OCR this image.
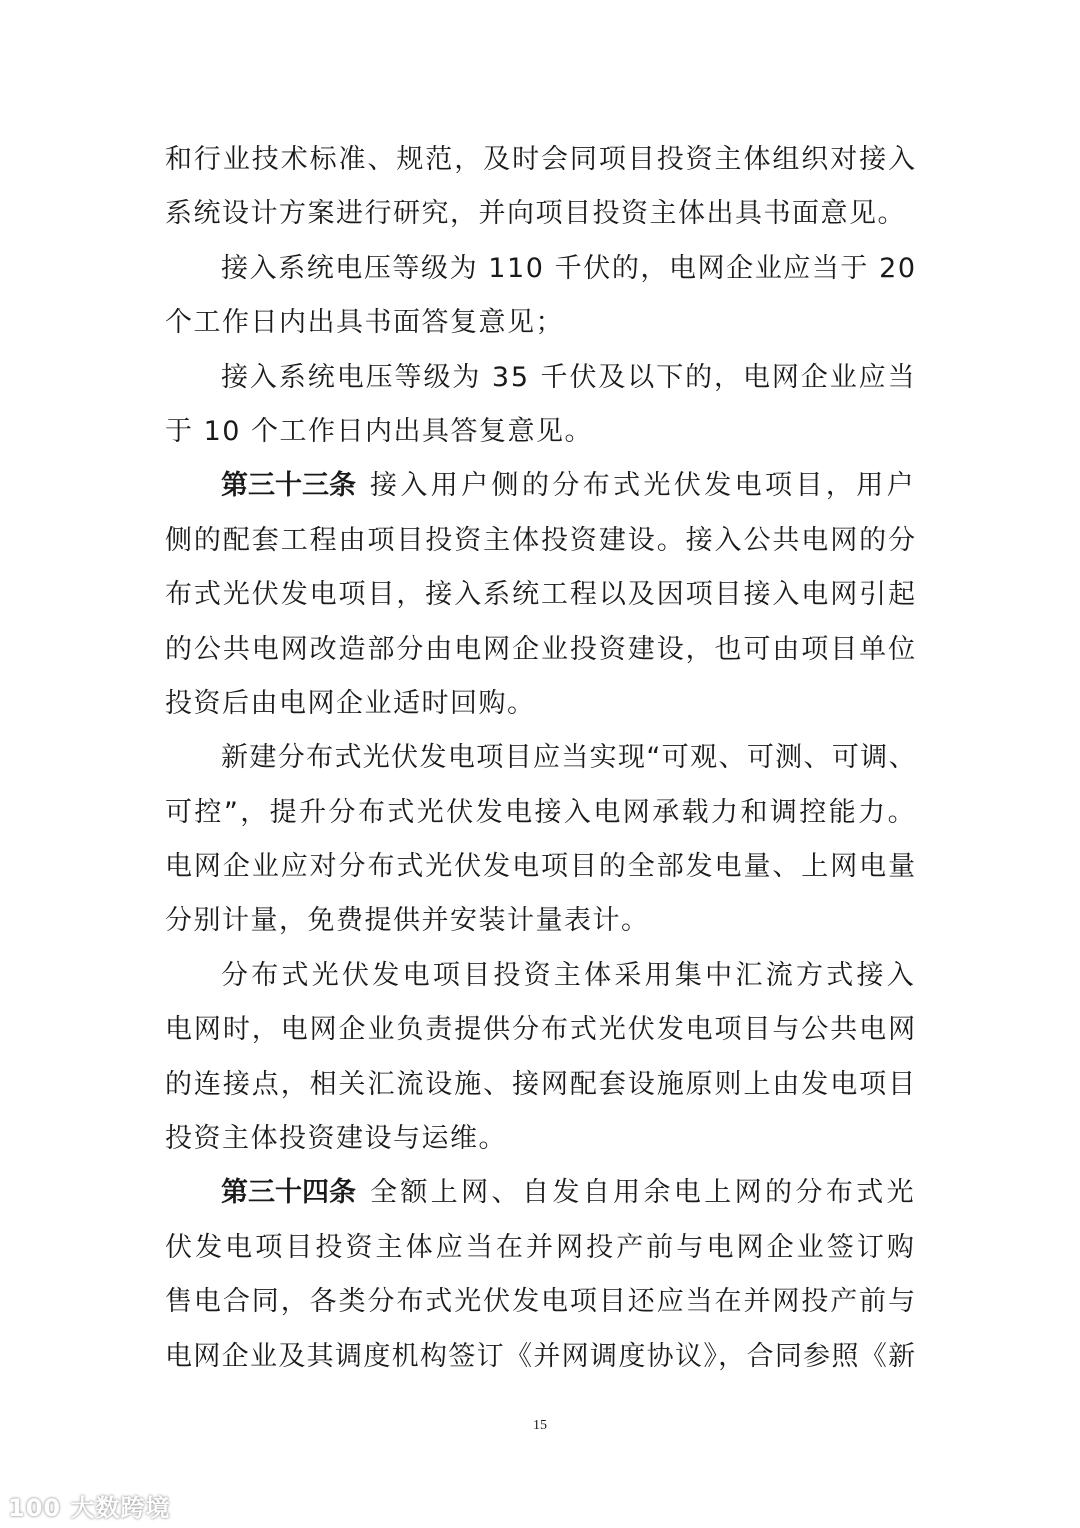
和行业技术标准、规范，及时会同项目投资主体组织对接入
系统设计方案进行研究，并向项目投资主体出具书面意见。
接入系统电压等级为 110 千伏的，电网企业应当于 20
个工作日内出具书面答复意见；
接入系统电压等级为 35 千伏及以下的，电网企业应当
于 10 个工作日内出具答复意见。
第三十三条 接入用户侧的分布式光伏发电项目，用户
侧的配套工程由项目投资主体投资建设。接入公共电网的分
布式光伏发电项目，接入系统工程以及因项目接入电网引起
的公共电网改造部分由电网企业投资建设，也可由项目单位
投资后由电网企业适时回购。
新建分布式光伏发电项目应当实现“可观、可测、可调、
可控”，提升分布式光伏发电接入电网承载力和调控能力。
电网企业应对分布式光伏发电项目的全部发电量、上网电量
分别计量，免费提供并安装计量表计。
分布式光伏发电项目投资主体采用集中汇流方式接入
电网时，电网企业负责提供分布式光伏发电项目与公共电网
的连接点，相关汇流设施、接网配套设施原则上由发电项目
投资主体投资建设与运维。
第三十四条 全额上网、自发自用余电上网的分布式光
伏发电项目投资主体应当在并网投产前与电网企业签订购
售电合同，各类分布式光伏发电项目还应当在并网投产前与
电网企业及其调度机构签订《并网调度协议》，合同参照《新
15
100 大数跨境
